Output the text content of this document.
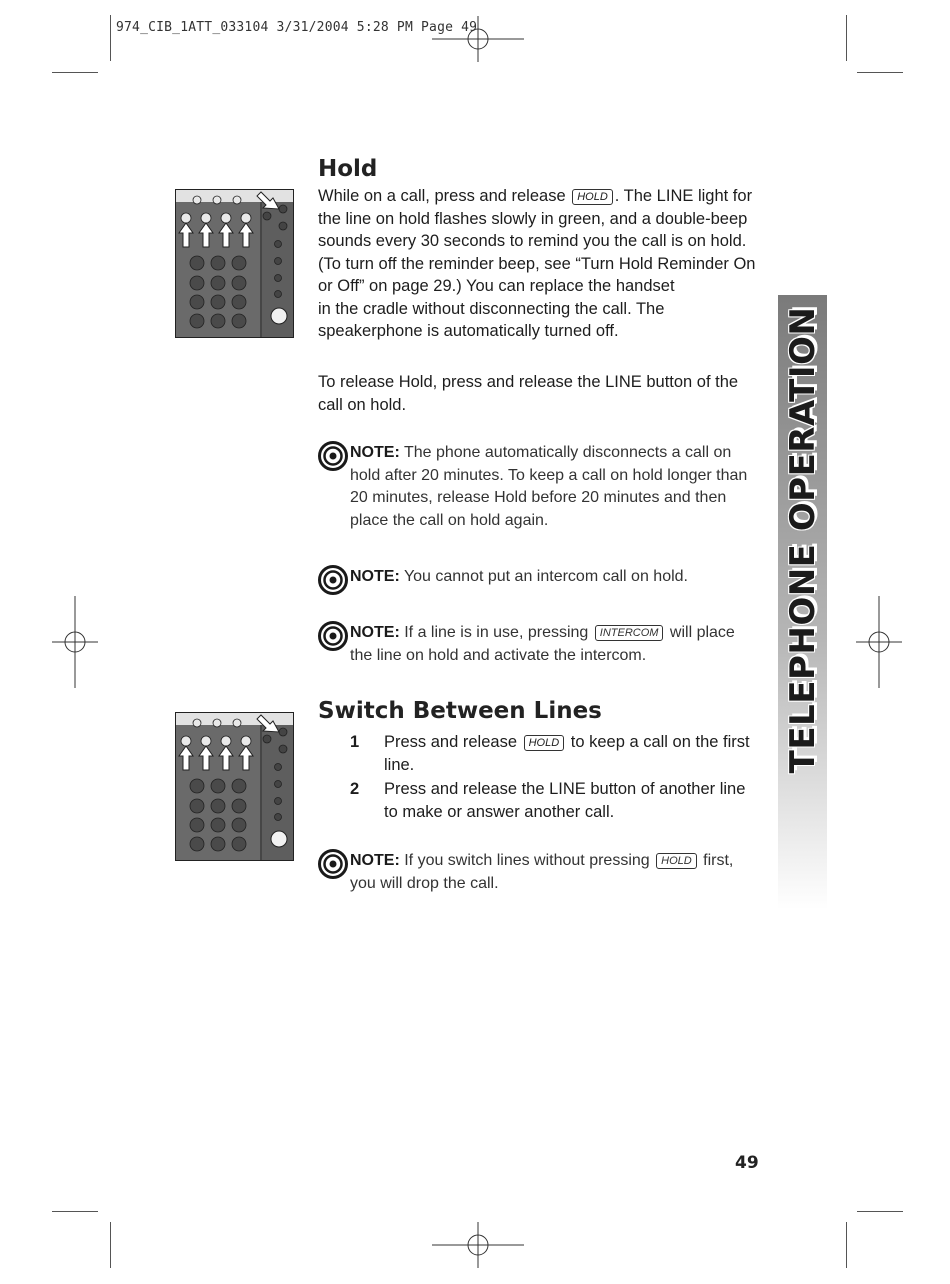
974_CIB_1ATT_033104 3/31/2004 5:28 PM Page 49
Hold
While on a call, press and release HOLD . The LINE light for the line on hold flashes slowly in green, and a double-beep sounds every 30 seconds to remind you the call is on hold. (To turn off the reminder beep, see “Turn Hold Reminder On or Off” on page 29.) You can replace the handset
in the cradle without disconnecting the call. The speakerphone is automatically turned off.
To release Hold, press and release the LINE button of the call on hold.
NOTE: The phone automatically disconnects a call on hold after 20 minutes. To keep a call on hold longer than 20 minutes, release Hold before 20 minutes and then place the call on hold again.
NOTE: You cannot put an intercom call on hold.
NOTE: If a line is in use, pressing INTERCOM will place the line on hold and activate the intercom.
Switch Between Lines
1 Press and release HOLD to keep a call on the first line.
2 Press and release the LINE button of another line to make or answer another call.
NOTE: If you switch lines without pressing HOLD first, you will drop the call.
TELEPHONE OPERATION
49
